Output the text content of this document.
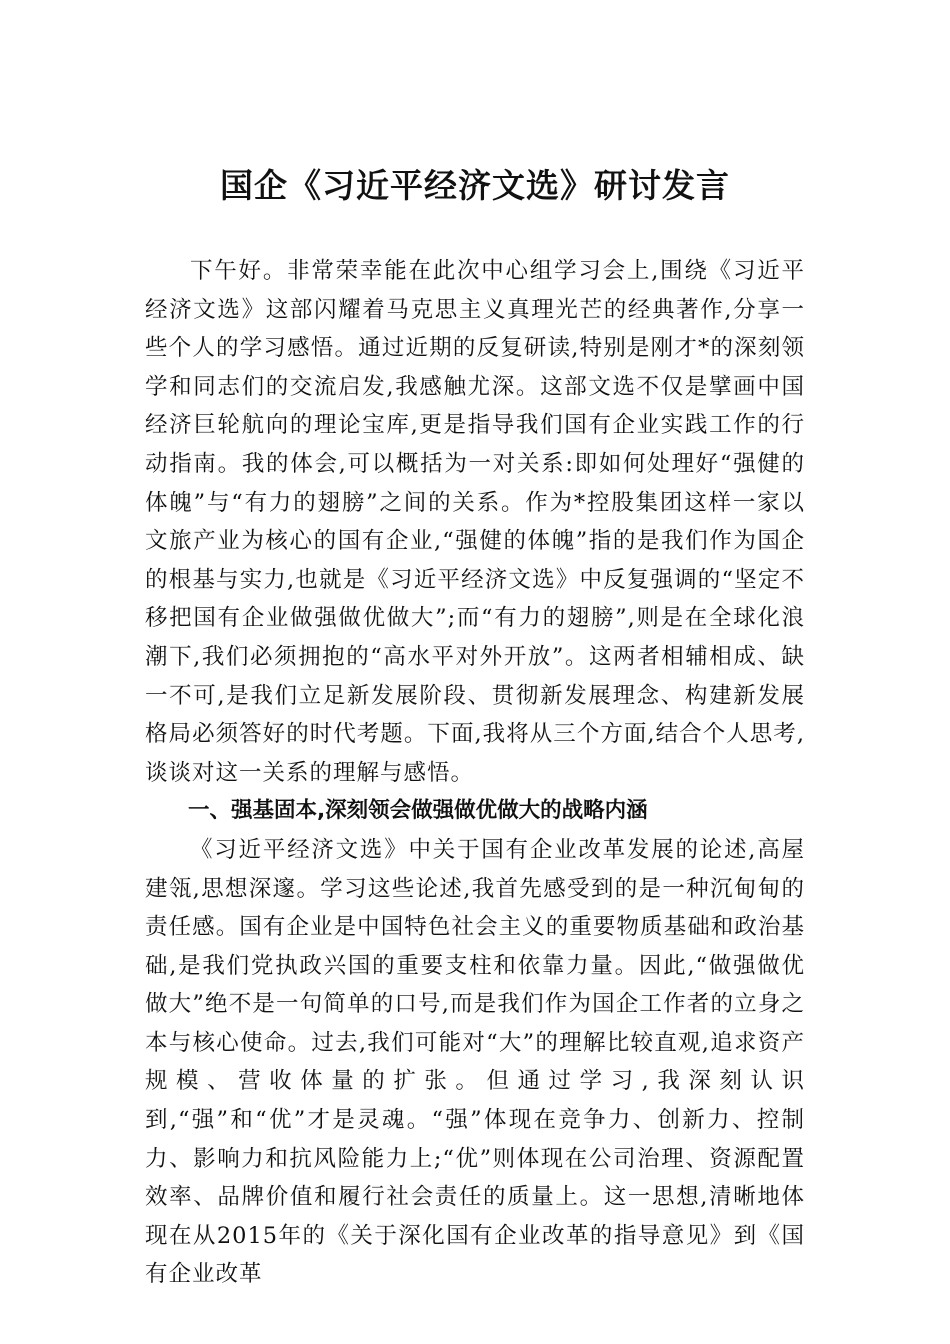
国企《习近平经济文选》研讨发言

下午好。非常荣幸能在此次中心组学习会上,围绕《习近平经济文选》这部闪耀着马克思主义真理光芒的经典著作,分享一些个人的学习感悟。通过近期的反复研读,特别是刚才*的深刻领学和同志们的交流启发,我感触尤深。这部文选不仅是擘画中国经济巨轮航向的理论宝库,更是指导我们国有企业实践工作的行动指南。我的体会,可以概括为一对关系:即如何处理好“强健的体魄”与“有力的翅膀”之间的关系。作为*控股集团这样一家以文旅产业为核心的国有企业,“强健的体魄”指的是我们作为国企的根基与实力,也就是《习近平经济文选》中反复强调的“坚定不移把国有企业做强做优做大”;而“有力的翅膀”,则是在全球化浪潮下,我们必须拥抱的“高水平对外开放”。这两者相辅相成、缺一不可,是我们立足新发展阶段、贯彻新发展理念、构建新发展格局必须答好的时代考题。下面,我将从三个方面,结合个人思考,谈谈对这一关系的理解与感悟。

一、强基固本,深刻领会做强做优做大的战略内涵

《习近平经济文选》中关于国有企业改革发展的论述,高屋建瓴,思想深邃。学习这些论述,我首先感受到的是一种沉甸甸的责任感。国有企业是中国特色社会主义的重要物质基础和政治基础,是我们党执政兴国的重要支柱和依靠力量。因此,“做强做优做大”绝不是一句简单的口号,而是我们作为国企工作者的立身之本与核心使命。过去,我们可能对“大”的理解比较直观,追求资产规模、营收体量的扩张。但通过学习,我深刻认识到,“强”和“优”才是灵魂。“强”体现在竞争力、创新力、控制力、影响力和抗风险能力上;“优”则体现在公司治理、资源配置效率、品牌价值和履行社会责任的质量上。这一思想,清晰地体现在从2015年的《关于深化国有企业改革的指导意见》到《国有企业改革
